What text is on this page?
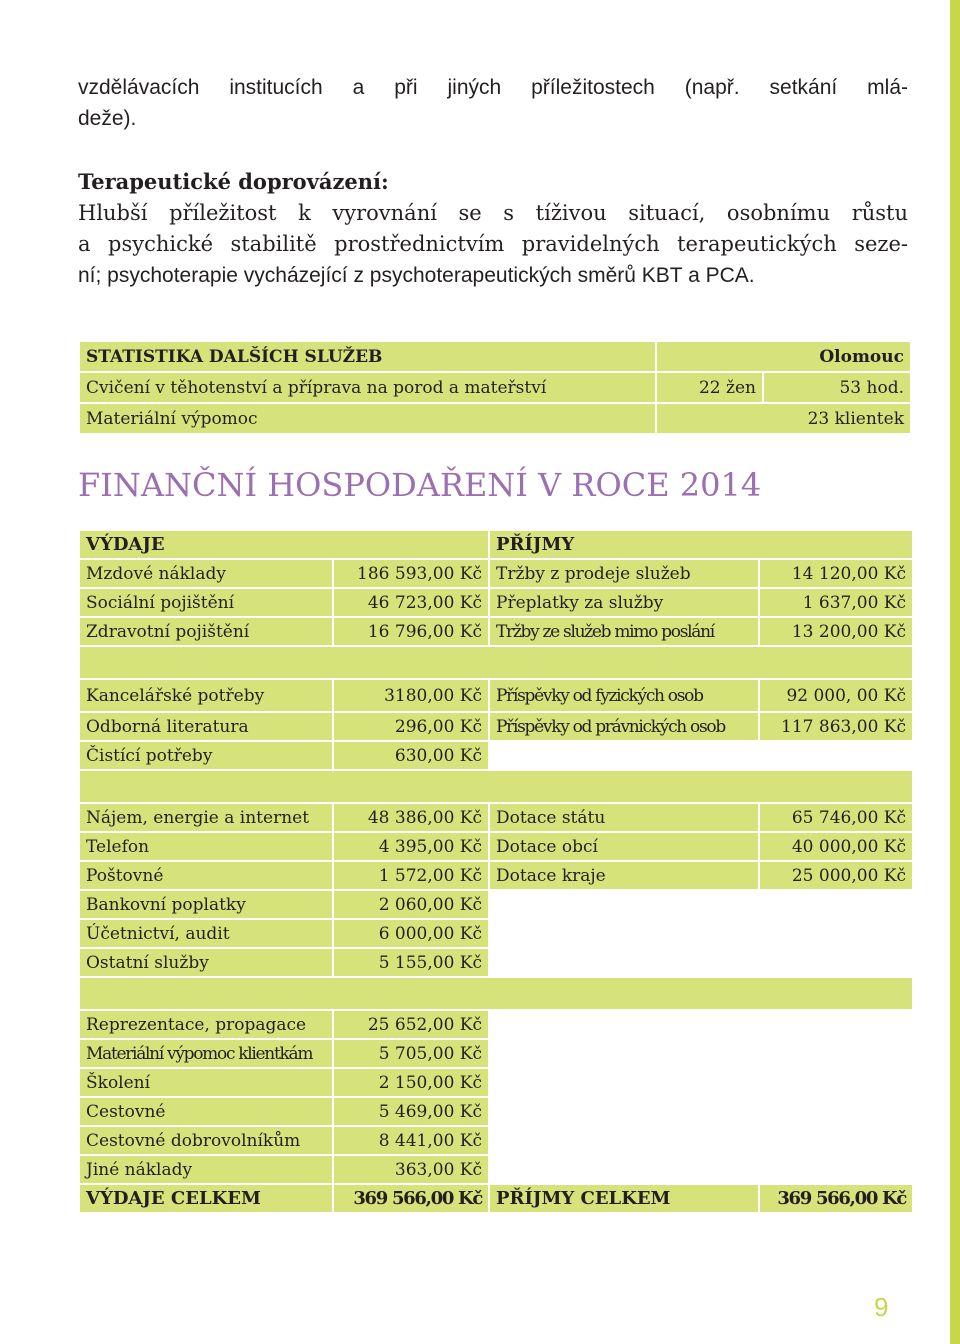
vzdělávacích institucích a při jiných příležitostech (např. setkání mlá-
deže).
Terapeutické doprovázení:
Hlubší příležitost k vyrovnání se s tíživou situací, osobnímu růstu
a psychické stabilitě prostřednictvím pravidelných terapeutických seze-
ní; psychoterapie vycházející z psychoterapeutických směrů KBT a PCA.
STATISTIKA DALŠÍCH SLUŽEB	Olomouc	
Cvičení v těhotenství a příprava na porod a mateřství	22 žen	53 hod.
Materiální výpomoc	23 klientek	
FINANČNÍ HOSPODAŘENÍ V ROCE 2014
VÝDAJE		PŘÍJMY	
Mzdové náklady	186 593,00 Kč	Tržby z prodeje služeb	14 120,00 Kč
Sociální pojištění	46 723,00 Kč	Přeplatky za služby	1 637,00 Kč
Zdravotní pojištění	16 796,00 Kč	Tržby ze služeb mimo poslání	13 200,00 Kč

Kancelářské potřeby	3180,00 Kč	Příspěvky od fyzických osob	92 000, 00 Kč
Odborná literatura	296,00 Kč	Příspěvky od právnických osob	117 863,00 Kč
Čistící potřeby	630,00 Kč		

Nájem, energie a internet	48 386,00 Kč	Dotace státu	65 746,00 Kč
Telefon	4 395,00 Kč	Dotace obcí	40 000,00 Kč
Poštovné	1 572,00 Kč	Dotace kraje	25 000,00 Kč
Bankovní poplatky	2 060,00 Kč		
Účetnictví, audit	6 000,00 Kč		
Ostatní služby	5 155,00 Kč		

Reprezentace, propagace	25 652,00 Kč		
Materiální výpomoc klientkám	5 705,00 Kč		
Školení	2 150,00 Kč		
Cestovné	5 469,00 Kč		
Cestovné dobrovolníkům	8 441,00 Kč		
Jiné náklady	363,00 Kč		
VÝDAJE CELKEM	369 566,00 Kč	PŘÍJMY CELKEM	369 566,00 Kč
9
